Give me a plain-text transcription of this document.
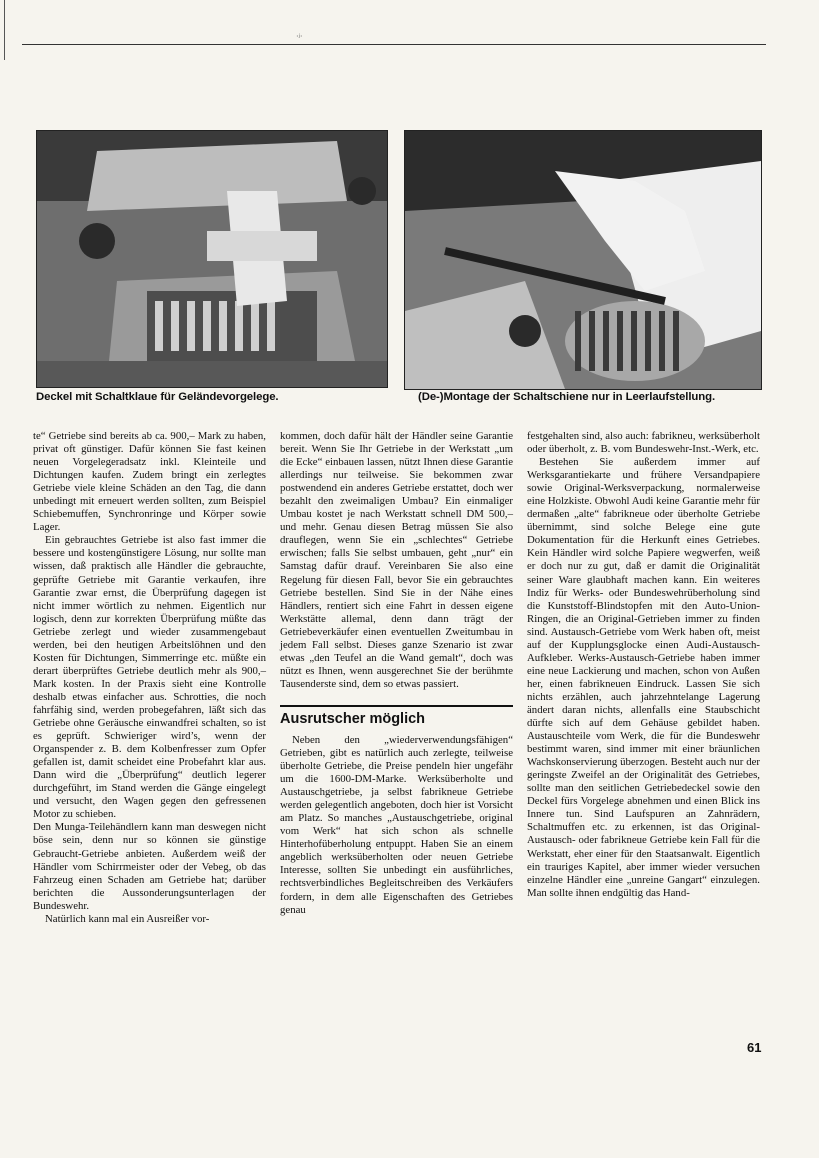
·ʲ·
Deckel mit Schaltklaue für Geländevorgelege.	(De-)Montage der Schaltschiene nur in Leerlaufstellung.

te“ Getriebe sind bereits ab ca. 900,– Mark zu haben, privat oft günstiger. Dafür können Sie fast keinen neuen Vorgelegeradsatz inkl. Kleinteile und Dichtungen kaufen. Zudem bringt ein zerlegtes Getriebe viele kleine Schäden an den Tag, die dann unbedingt mit erneuert werden sollten, zum Beispiel Schiebemuffen, Synchronringe und Körper sowie Lager.

Ein gebrauchtes Getriebe ist also fast immer die bessere und kostengünstigere Lösung, nur sollte man wissen, daß praktisch alle Händler die gebrauchte, geprüfte Getriebe mit Garantie verkaufen, ihre Garantie zwar ernst, die Überprüfung dagegen ist nicht immer wörtlich zu nehmen. Eigentlich nur logisch, denn zur korrekten Überprüfung müßte das Getriebe zerlegt und wieder zusammengebaut werden, bei den heutigen Arbeitslöhnen und den Kosten für Dichtungen, Simmerringe etc. müßte ein derart überprüftes Getriebe deutlich mehr als 900,– Mark kosten. In der Praxis sieht eine Kontrolle deshalb etwas einfacher aus. Schrotties, die noch fahrfähig sind, werden probegefahren, läßt sich das Getriebe ohne Geräusche einwandfrei schalten, so ist es geprüft. Schwieriger wird’s, wenn der Organspender z. B. dem Kolbenfresser zum Opfer gefallen ist, damit scheidet eine Probefahrt klar aus. Dann wird die „Überprüfung“ deutlich legerer durchgeführt, im Stand werden die Gänge eingelegt und versucht, den Wagen gegen den gefressenen Motor zu schieben.

Den Munga-Teilehändlern kann man deswegen nicht böse sein, denn nur so können sie günstige Gebraucht-Getriebe anbieten. Außerdem weiß der Händler vom Schirrmeister oder der Vebeg, ob das Fahrzeug einen Schaden am Getriebe hat; darüber berichten die Aussonderungsunterlagen der Bundeswehr.

Natürlich kann mal ein Ausreißer vor-

kommen, doch dafür hält der Händler seine Garantie bereit. Wenn Sie Ihr Getriebe in der Werkstatt „um die Ecke“ einbauen lassen, nützt Ihnen diese Garantie allerdings nur teilweise. Sie bekommen zwar postwendend ein anderes Getriebe erstattet, doch wer bezahlt den zweimaligen Umbau? Ein einmaliger Umbau kostet je nach Werkstatt schnell DM 500,– und mehr. Genau diesen Betrag müssen Sie also drauflegen, wenn Sie ein „schlechtes“ Getriebe erwischen; falls Sie selbst umbauen, geht „nur“ ein Samstag dafür drauf. Vereinbaren Sie also eine Regelung für diesen Fall, bevor Sie ein gebrauchtes Getriebe bestellen. Sind Sie in der Nähe eines Händlers, rentiert sich eine Fahrt in dessen eigene Werkstätte allemal, denn dann trägt der Getriebeverkäufer einen eventuellen Zweitumbau in jedem Fall selbst. Dieses ganze Szenario ist zwar etwas „den Teufel an die Wand gemalt“, doch was nützt es Ihnen, wenn ausgerechnet Sie der berühmte Tausenderste sind, dem so etwas passiert.

Ausrutscher möglich

Neben den „wiederverwendungsfähigen“ Getrieben, gibt es natürlich auch zerlegte, teilweise überholte Getriebe, die Preise pendeln hier ungefähr um die 1600-DM-Marke. Werksüberholte und Austauschgetriebe, ja selbst fabrikneue Getriebe werden gelegentlich angeboten, doch hier ist Vorsicht am Platz. So manches „Austauschgetriebe, original vom Werk“ hat sich schon als schnelle Hinterhofüberholung entpuppt. Haben Sie an einem angeblich werksüberholten oder neuen Getriebe Interesse, sollten Sie unbedingt ein ausführliches, rechtsverbindliches Begleitschreiben des Verkäufers fordern, in dem alle Eigenschaften des Getriebes genau

festgehalten sind, also auch: fabrikneu, werksüberholt oder überholt, z. B. vom Bundeswehr-Inst.-Werk, etc.

Bestehen Sie außerdem immer auf Werksgarantiekarte und frühere Versandpapiere sowie Original-Werksverpackung, normalerweise eine Holzkiste. Obwohl Audi keine Garantie mehr für dermaßen „alte“ fabrikneue oder überholte Getriebe übernimmt, sind solche Belege eine gute Dokumentation für die Herkunft eines Getriebes. Kein Händler wird solche Papiere wegwerfen, weiß er doch nur zu gut, daß er damit die Originalität seiner Ware glaubhaft machen kann. Ein weiteres Indiz für Werks- oder Bundeswehrüberholung sind die Kunststoff-Blindstopfen mit den Auto-Union-Ringen, die an Original-Getrieben immer zu finden sind. Austausch-Getriebe vom Werk haben oft, meist auf der Kupplungsglocke einen Audi-Austausch-Aufkleber. Werks-Austausch-Getriebe haben immer eine neue Lackierung und machen, schon von Außen her, einen fabrikneuen Eindruck. Lassen Sie sich nichts erzählen, auch jahrzehntelange Lagerung ändert daran nichts, allenfalls eine Staubschicht dürfte sich auf dem Gehäuse gebildet haben. Austauschteile vom Werk, die für die Bundeswehr bestimmt waren, sind immer mit einer bräunlichen Wachskonservierung überzogen. Besteht auch nur der geringste Zweifel an der Originalität des Getriebes, sollte man den seitlichen Getriebedeckel sowie den Deckel fürs Vorgelege abnehmen und einen Blick ins Innere tun. Sind Laufspuren an Zahnrädern, Schaltmuffen etc. zu erkennen, ist das Original-Austausch- oder fabrikneue Getriebe kein Fall für die Werkstatt, eher einer für den Staatsanwalt. Eigentlich ein trauriges Kapitel, aber immer wieder versuchen einzelne Händler eine „unreine Gangart“ einzulegen. Man sollte ihnen endgültig das Hand-

61
